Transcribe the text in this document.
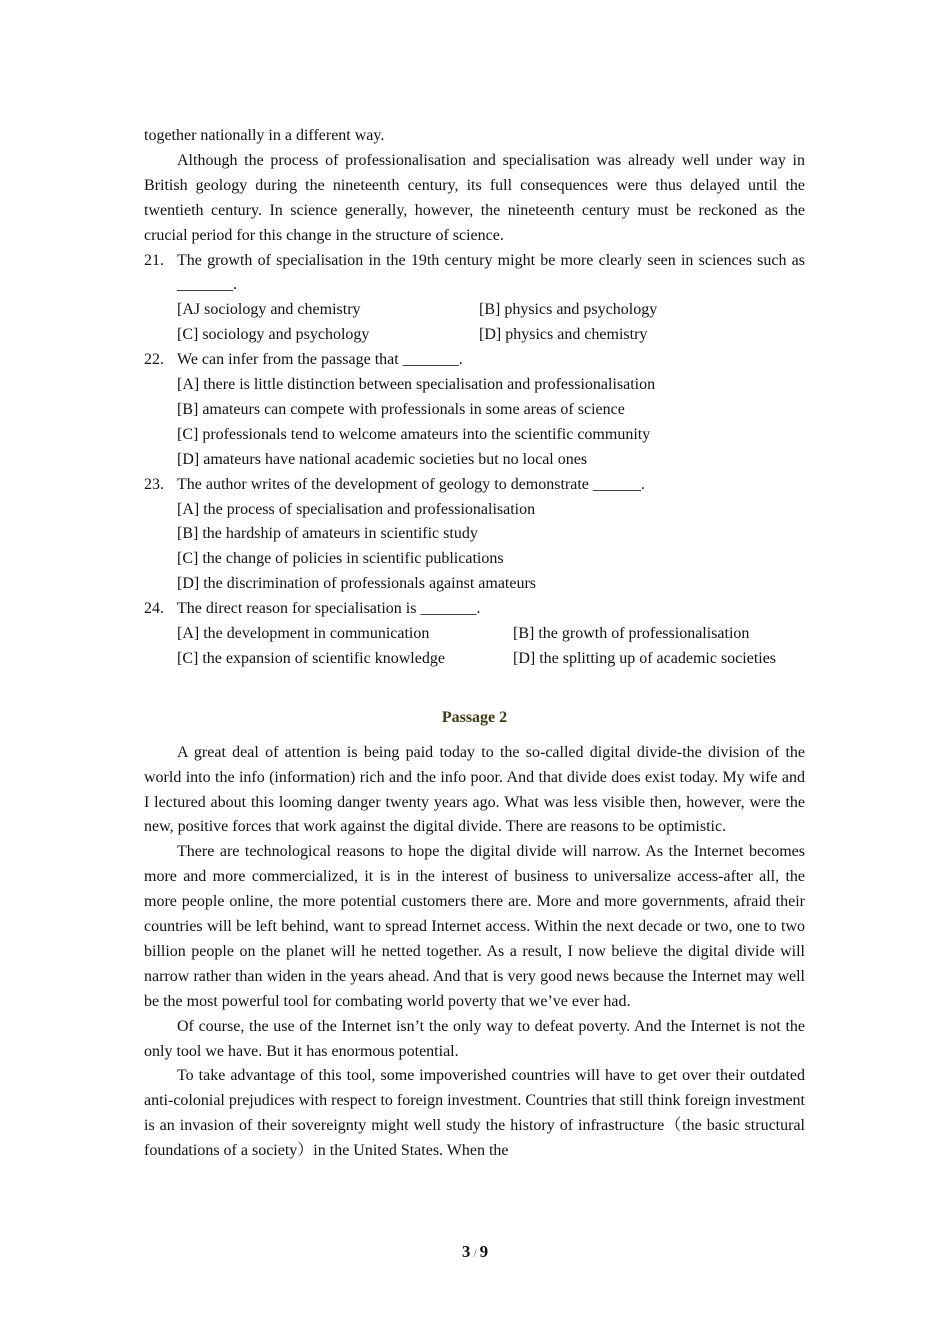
together nationally in a different way.

Although the process of professionalisation and specialisation was already well under way in British geology during the nineteenth century, its full consequences were thus delayed until the twentieth century. In science generally, however, the nineteenth century must be reckoned as the crucial period for this change in the structure of science.

21. The growth of specialisation in the 19th century might be more clearly seen in sciences such as _______.
[AJ sociology and chemistry	[B] physics and psychology
[C] sociology and psychology	[D] physics and chemistry
22. We can infer from the passage that _______.
[A] there is little distinction between specialisation and professionalisation
[B] amateurs can compete with professionals in some areas of science
[C] professionals tend to welcome amateurs into the scientific community
[D] amateurs have national academic societies but no local ones
23. The author writes of the development of geology to demonstrate ______.
[A] the process of specialisation and professionalisation
[B] the hardship of amateurs in scientific study
[C] the change of policies in scientific publications
[D] the discrimination of professionals against amateurs
24. The direct reason for specialisation is _______.
[A] the development in communication	[B] the growth of professionalisation
[C] the expansion of scientific knowledge	[D] the splitting up of academic societies
Passage 2

A great deal of attention is being paid today to the so-called digital divide-the division of the world into the info (information) rich and the info poor. And that divide does exist today. My wife and I lectured about this looming danger twenty years ago. What was less visible then, however, were the new, positive forces that work against the digital divide. There are reasons to be optimistic.

There are technological reasons to hope the digital divide will narrow. As the Internet becomes more and more commercialized, it is in the interest of business to universalize access-after all, the more people online, the more potential customers there are. More and more governments, afraid their countries will be left behind, want to spread Internet access. Within the next decade or two, one to two billion people on the planet will he netted together. As a result, I now believe the digital divide will narrow rather than widen in the years ahead. And that is very good news because the Internet may well be the most powerful tool for combating world poverty that we’ve ever had.

Of course, the use of the Internet isn’t the only way to defeat poverty. And the Internet is not the only tool we have. But it has enormous potential.

To take advantage of this tool, some impoverished countries will have to get over their outdated anti-colonial prejudices with respect to foreign investment. Countries that still think foreign investment is an invasion of their sovereignty might well study the history of infrastructure（the basic structural foundations of a society）in the United States. When the

3 / 9
